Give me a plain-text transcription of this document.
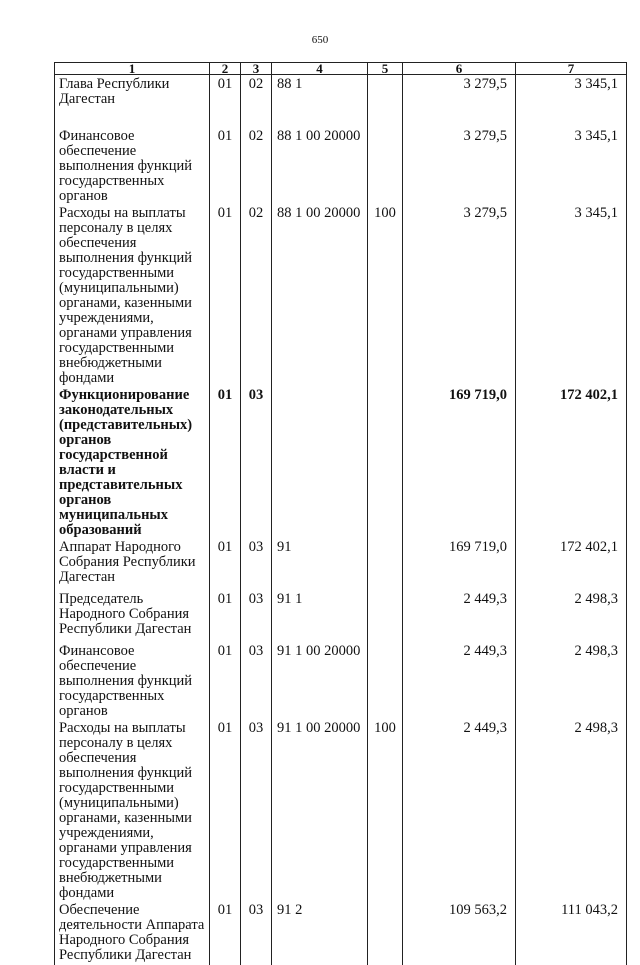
650
1	2	3	4	5	6	7
Глава Республики Дагестан	01	02	88 1		3 279,5	3 345,1
Финансовое обеспечение выполнения функций государственных органов	01	02	88 1 00 20000		3 279,5	3 345,1
Расходы на выплаты персоналу в целях обеспечения выполнения функций государственными (муниципальными) органами, казенными учреждениями, органами управления государственными внебюджетными фондами	01	02	88 1 00 20000	100	3 279,5	3 345,1
Функционирование законодательных (представительных) органов государственной власти и представительных органов муниципальных образований	01	03			169 719,0	172 402,1
Аппарат Народного Собрания Республики Дагестан	01	03	91		169 719,0	172 402,1
Председатель Народного Собрания Республики Дагестан	01	03	91 1		2 449,3	2 498,3
Финансовое обеспечение выполнения функций государственных органов	01	03	91 1 00 20000		2 449,3	2 498,3
Расходы на выплаты персоналу в целях обеспечения выполнения функций государственными (муниципальными) органами, казенными учреждениями, органами управления государственными внебюджетными фондами	01	03	91 1 00 20000	100	2 449,3	2 498,3
Обеспечение деятельности Аппарата Народного Собрания Республики Дагестан	01	03	91 2		109 563,2	111 043,2
